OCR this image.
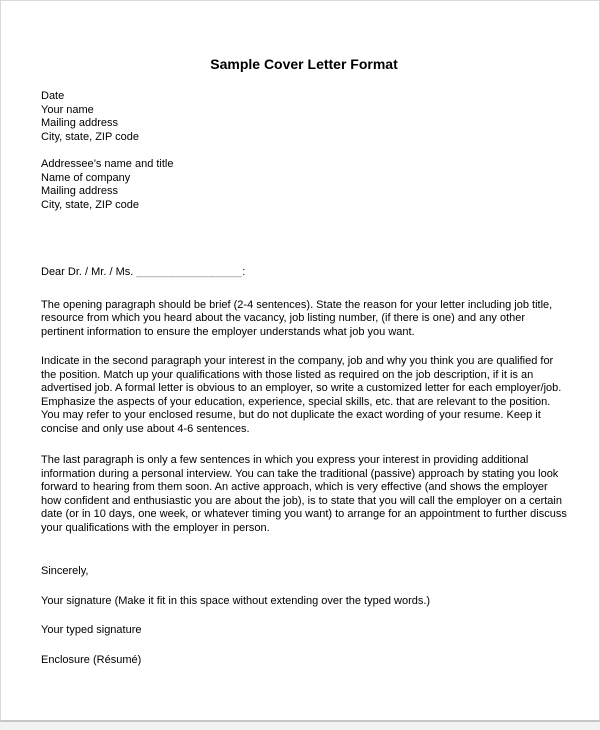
Sample Cover Letter Format
Date
Your name
Mailing address
City, state, ZIP code
Addressee’s name and title
Name of company
Mailing address
City, state, ZIP code
Dear Dr. / Mr. / Ms. ________________:

The opening paragraph should be brief (2-4 sentences). State the reason for your letter including job title, resource from which you heard about the vacancy, job listing number, (if there is one) and any other pertinent information to ensure the employer understands what job you want.

Indicate in the second paragraph your interest in the company, job and why you think you are qualified for the position. Match up your qualifications with those listed as required on the job description, if it is an advertised job. A formal letter is obvious to an employer, so write a customized letter for each employer/job. Emphasize the aspects of your education, experience, special skills, etc. that are relevant to the position. You may refer to your enclosed resume, but do not duplicate the exact wording of your resume. Keep it concise and only use about 4-6 sentences.

The last paragraph is only a few sentences in which you express your interest in providing additional information during a personal interview. You can take the traditional (passive) approach by stating you look forward to hearing from them soon. An active approach, which is very effective (and shows the employer how confident and enthusiastic you are about the job), is to state that you will call the employer on a certain date (or in 10 days, one week, or whatever timing you want) to arrange for an appointment to further discuss your qualifications with the employer in person.

Sincerely,
Your signature (Make it fit in this space without extending over the typed words.)
Your typed signature
Enclosure (Résumé)
